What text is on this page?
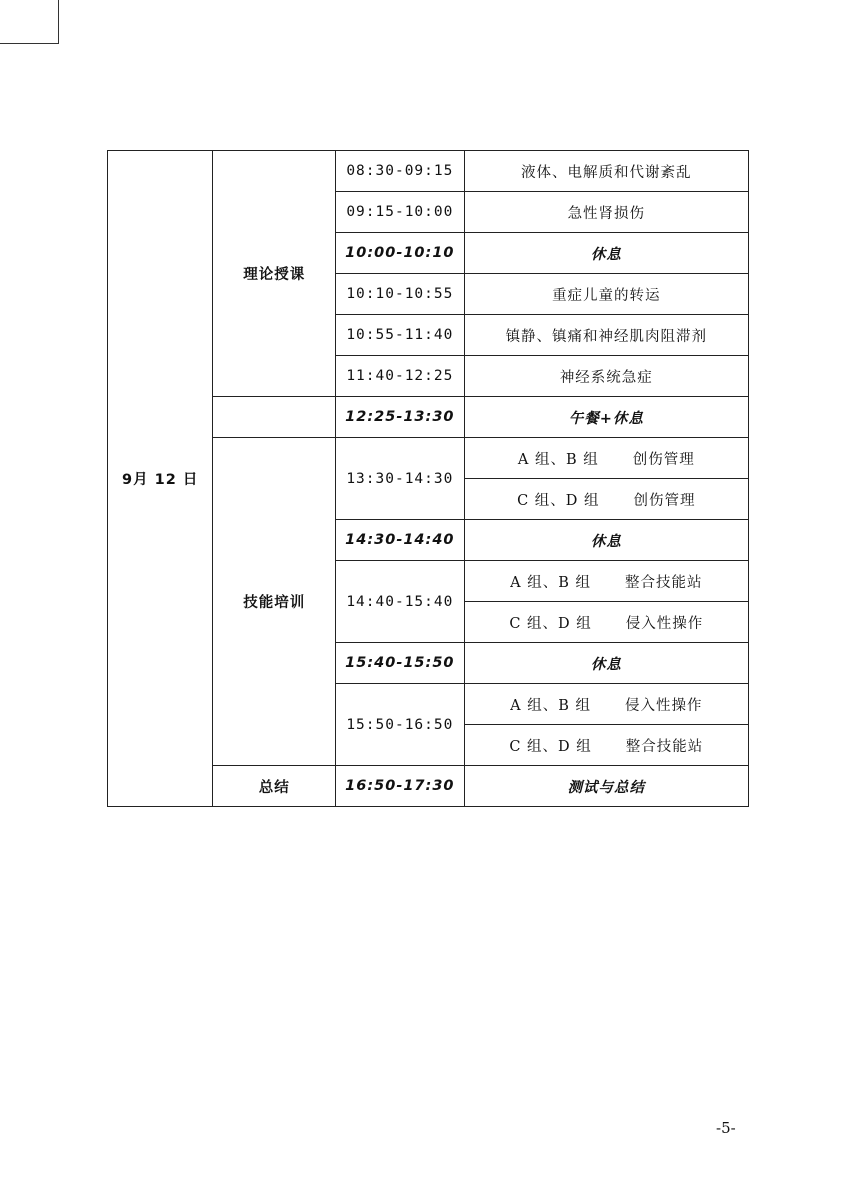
9月 12 日	理论授课	08:30-09:15	液体、电解质和代谢紊乱
		09:15-10:00	急性肾损伤
		10:00-10:10	休息
		10:10-10:55	重症儿童的转运
		10:55-11:40	镇静、镇痛和神经肌肉阻滞剂
		11:40-12:25	神经系统急症
		12:25-13:30	午餐+休息
	技能培训	13:30-14:30	A 组、B 组 创伤管理
			C 组、D 组 创伤管理
		14:30-14:40	休息
		14:40-15:40	A 组、B 组 整合技能站
			C 组、D 组 侵入性操作
		15:40-15:50	休息
		15:50-16:50	A 组、B 组 侵入性操作
			C 组、D 组 整合技能站
	总结	16:50-17:30	测试与总结
-5-
